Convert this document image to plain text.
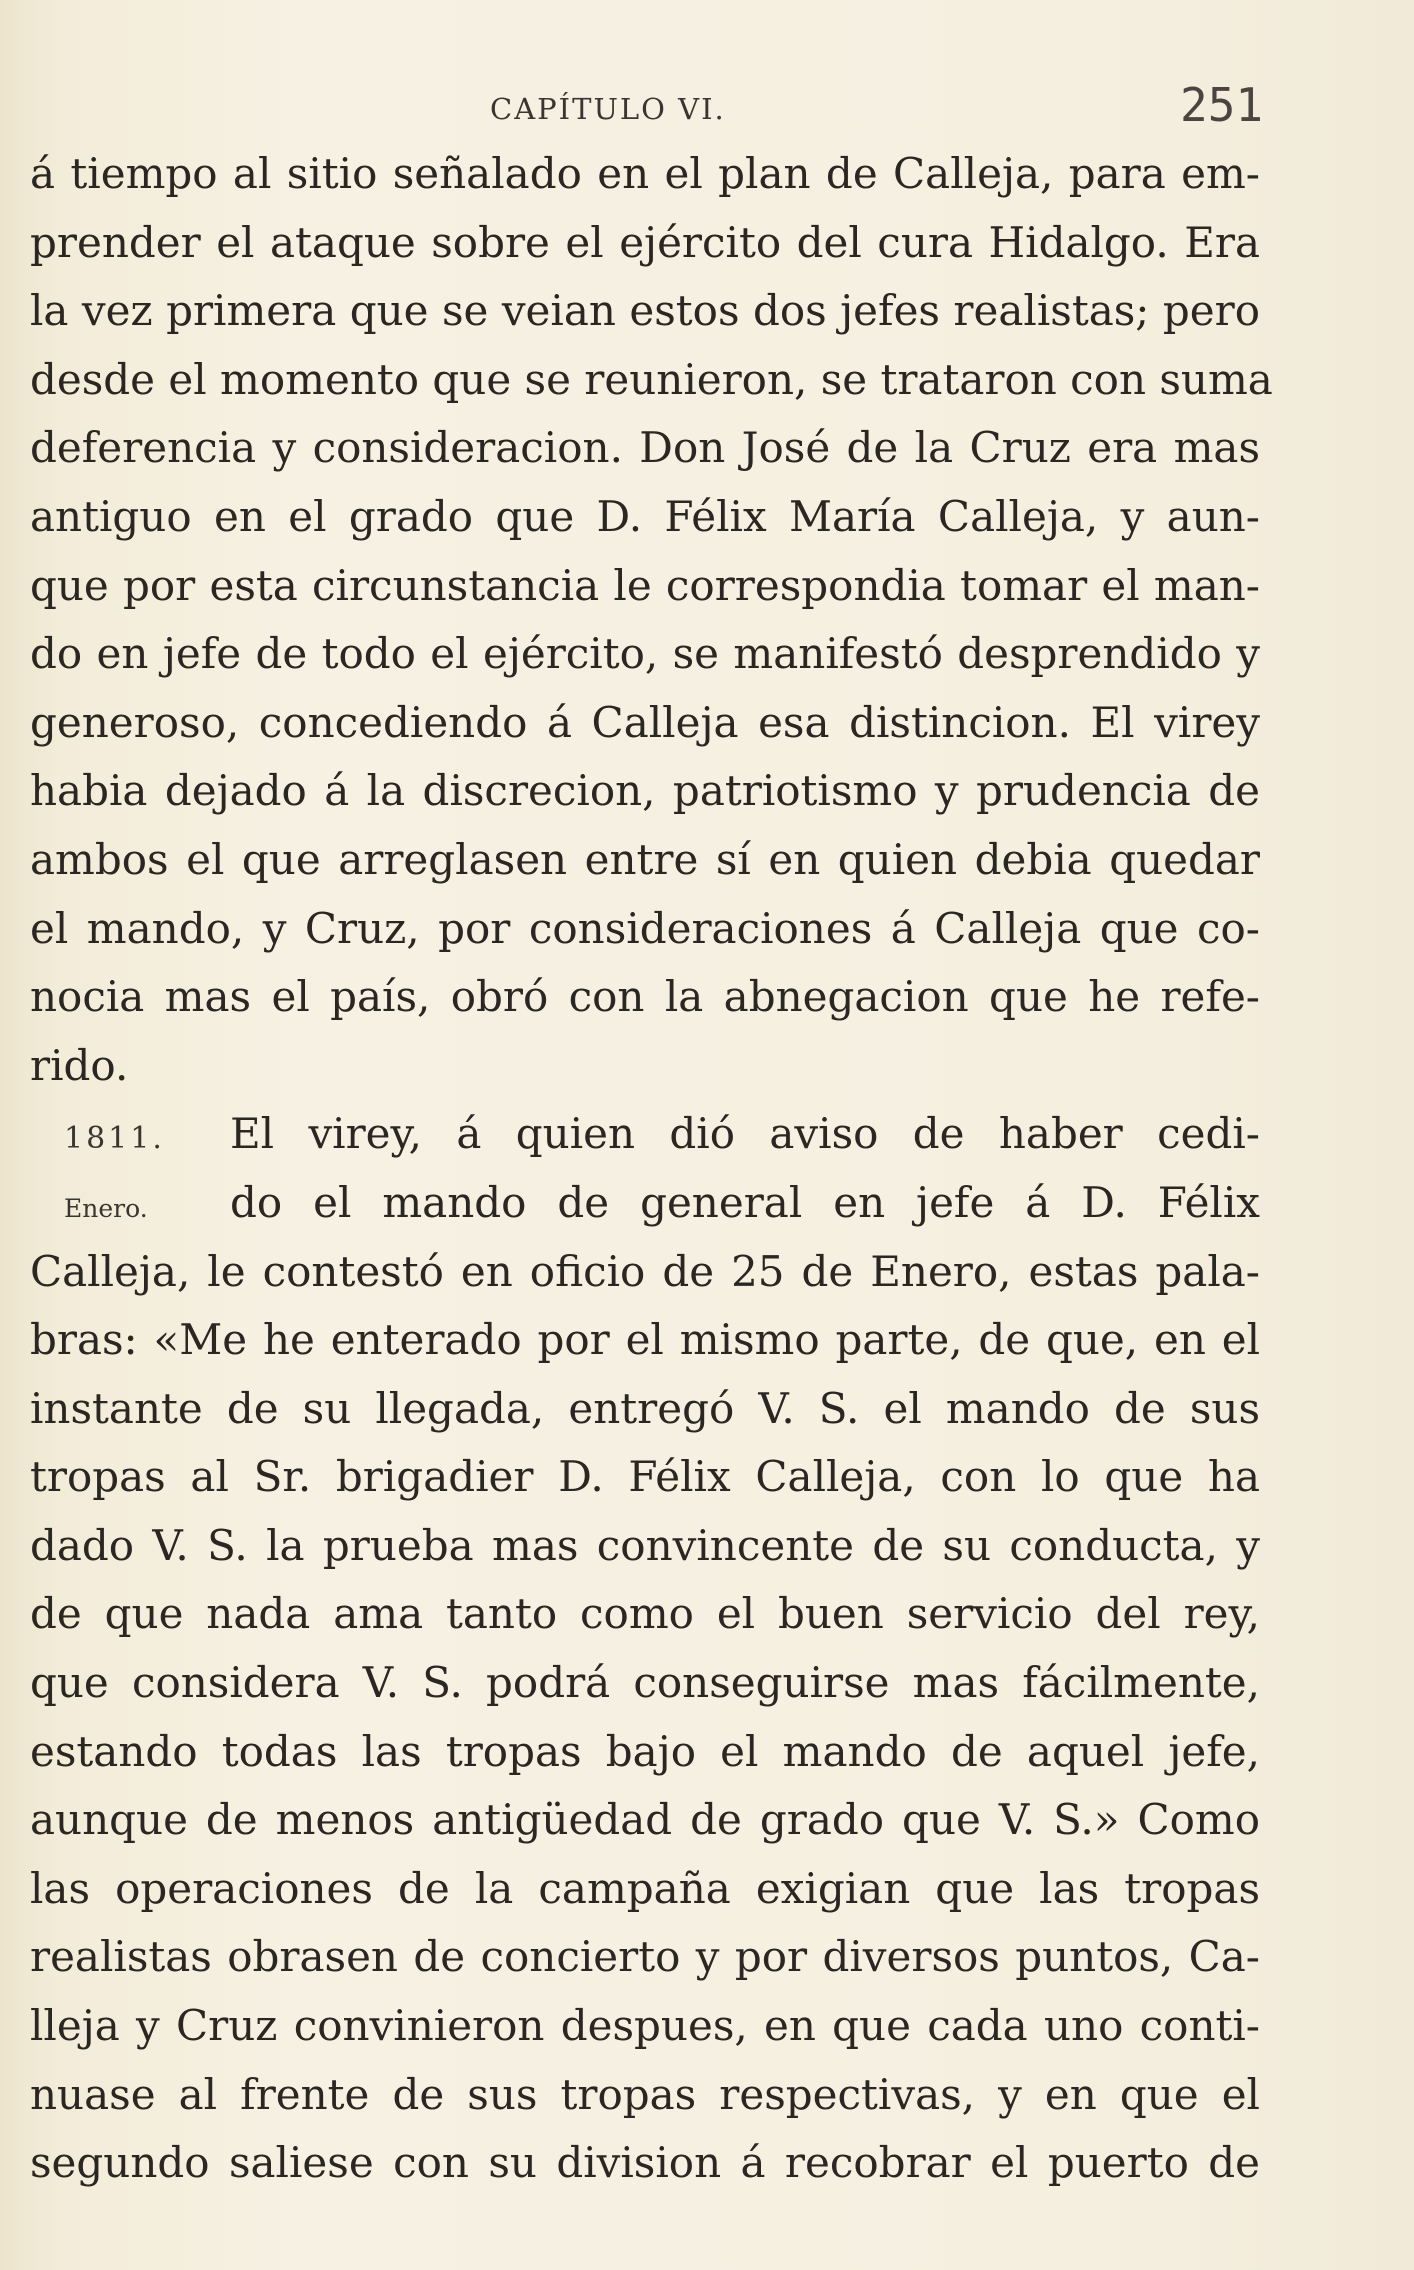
CAPÍTULO VI.	251
á tiempo al sitio señalado en el plan de Calleja, para em-
prender el ataque sobre el ejército del cura Hidalgo. Era
la vez primera que se veian estos dos jefes realistas; pero
desde el momento que se reunieron, se trataron con suma
deferencia y consideracion. Don José de la Cruz era mas
antiguo en el grado que D. Félix María Calleja, y aun-
que por esta circunstancia le correspondia tomar el man-
do en jefe de todo el ejército, se manifestó desprendido y
generoso, concediendo á Calleja esa distincion. El virey
habia dejado á la discrecion, patriotismo y prudencia de
ambos el que arreglasen entre sí en quien debia quedar
el mando, y Cruz, por consideraciones á Calleja que co-
nocia mas el país, obró con la abnegacion que he refe-
rido.
1811.	El virey, á quien dió aviso de haber cedi-
Enero.	do el mando de general en jefe á D. Félix
Calleja, le contestó en oficio de 25 de Enero, estas pala-
bras: «Me he enterado por el mismo parte, de que, en el
instante de su llegada, entregó V. S. el mando de sus
tropas al Sr. brigadier D. Félix Calleja, con lo que ha
dado V. S. la prueba mas convincente de su conducta, y
de que nada ama tanto como el buen servicio del rey,
que considera V. S. podrá conseguirse mas fácilmente,
estando todas las tropas bajo el mando de aquel jefe,
aunque de menos antigüedad de grado que V. S.» Como
las operaciones de la campaña exigian que las tropas
realistas obrasen de concierto y por diversos puntos, Ca-
lleja y Cruz convinieron despues, en que cada uno conti-
nuase al frente de sus tropas respectivas, y en que el
segundo saliese con su division á recobrar el puerto de
